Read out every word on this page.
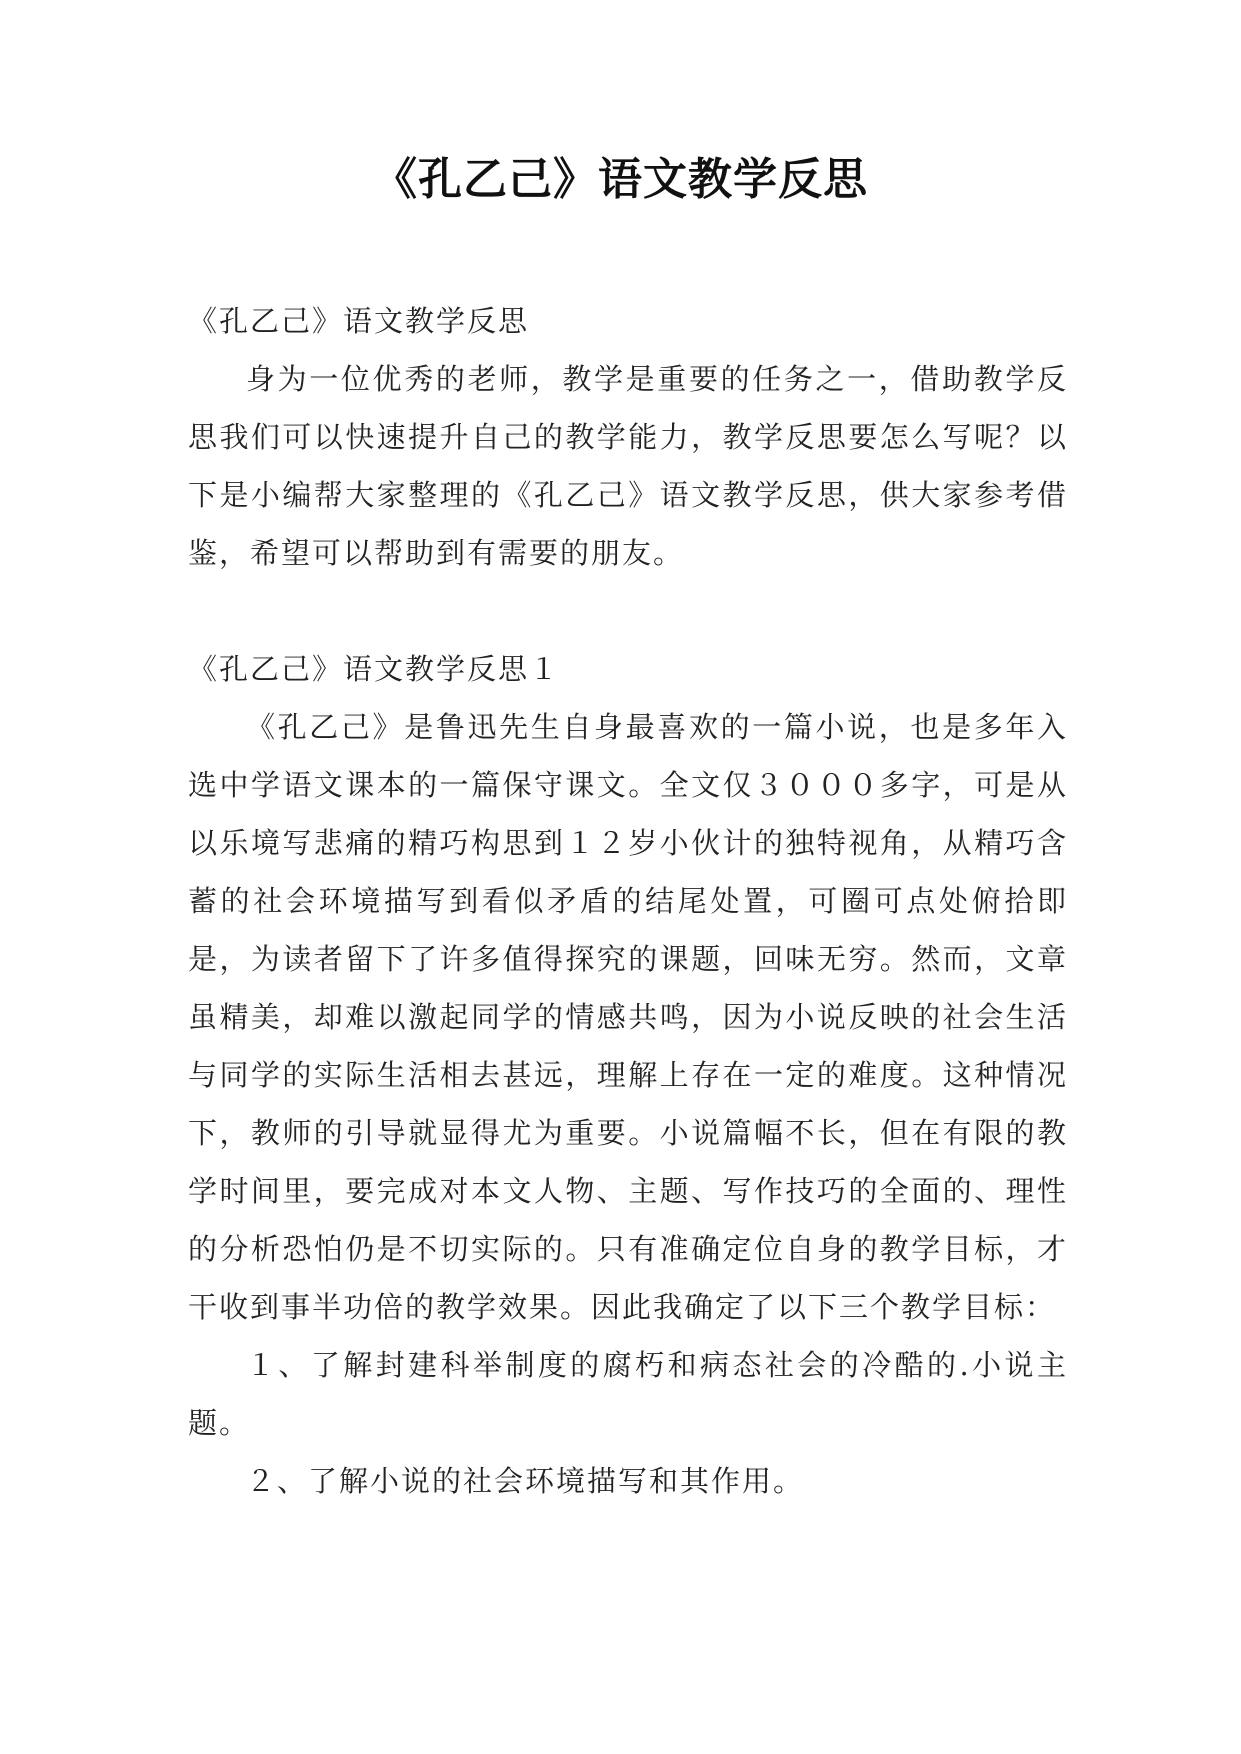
《孔乙己》语文教学反思

《孔乙己》语文教学反思

身为一位优秀的老师，教学是重要的任务之一，借助教学反思我们可以快速提升自己的教学能力，教学反思要怎么写呢？以下是小编帮大家整理的《孔乙己》语文教学反思，供大家参考借鉴，希望可以帮助到有需要的朋友。

《孔乙己》语文教学反思１

《孔乙己》是鲁迅先生自身最喜欢的一篇小说，也是多年入选中学语文课本的一篇保守课文。全文仅３０００多字，可是从以乐境写悲痛的精巧构思到１２岁小伙计的独特视角，从精巧含蓄的社会环境描写到看似矛盾的结尾处置，可圈可点处俯拾即是，为读者留下了许多值得探究的课题，回味无穷。然而，文章虽精美，却难以激起同学的情感共鸣，因为小说反映的社会生活与同学的实际生活相去甚远，理解上存在一定的难度。这种情况下，教师的引导就显得尤为重要。小说篇幅不长，但在有限的教学时间里，要完成对本文人物、主题、写作技巧的全面的、理性的分析恐怕仍是不切实际的。只有准确定位自身的教学目标，才干收到事半功倍的教学效果。因此我确定了以下三个教学目标：

１、了解封建科举制度的腐朽和病态社会的冷酷的.小说主题。

２、了解小说的社会环境描写和其作用。
